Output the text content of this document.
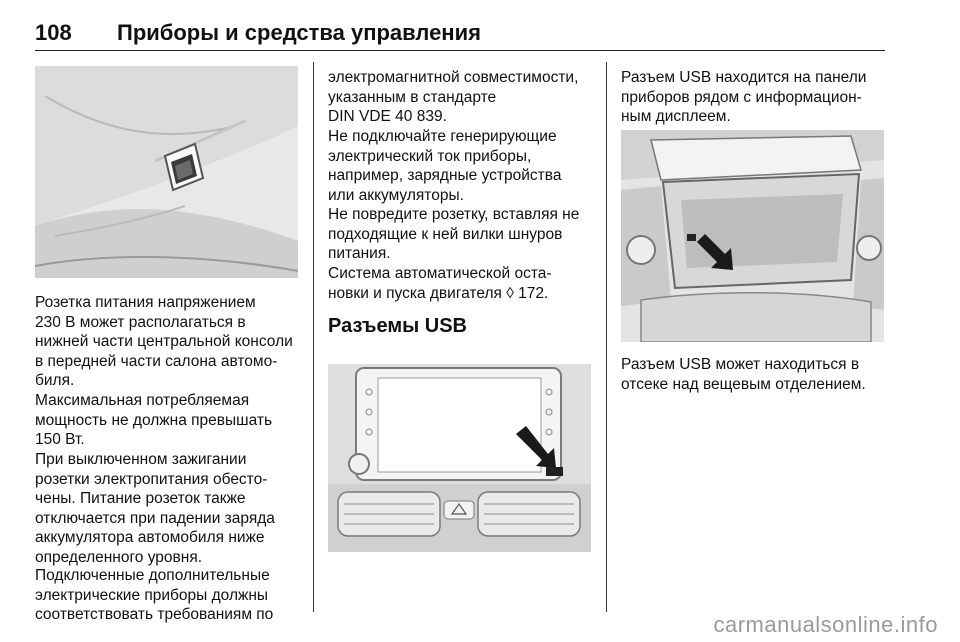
108 Приборы и средства управления

Розетка питания напряжением
230 В может располагаться в
нижней части центральной консоли
в передней части салона автомо‐
биля.

Максимальная потребляемая
мощность не должна превышать
150 Вт.

При выключенном зажигании
розетки электропитания обесто‐
чены. Питание розеток также
отключается при падении заряда
аккумулятора автомобиля ниже
определенного уровня.

Подключенные дополнительные
электрические приборы должны
соответствовать требованиям по

электромагнитной совместимости,
указанным в стандарте
DIN VDE 40 839.

Не подключайте генерирующие
электрический ток приборы,
например, зарядные устройства
или аккумуляторы.

Не повредите розетку, вставляя не
подходящие к ней вилки шнуров
питания.

Система автоматической оста‐
новки и пуска двигателя ◊ 172.

Разъемы USB

Разъем USB находится на панели
приборов рядом с информацион‐
ным дисплеем.

Разъем USB может находиться в
отсеке над вещевым отделением.

carmanualsonline.info
